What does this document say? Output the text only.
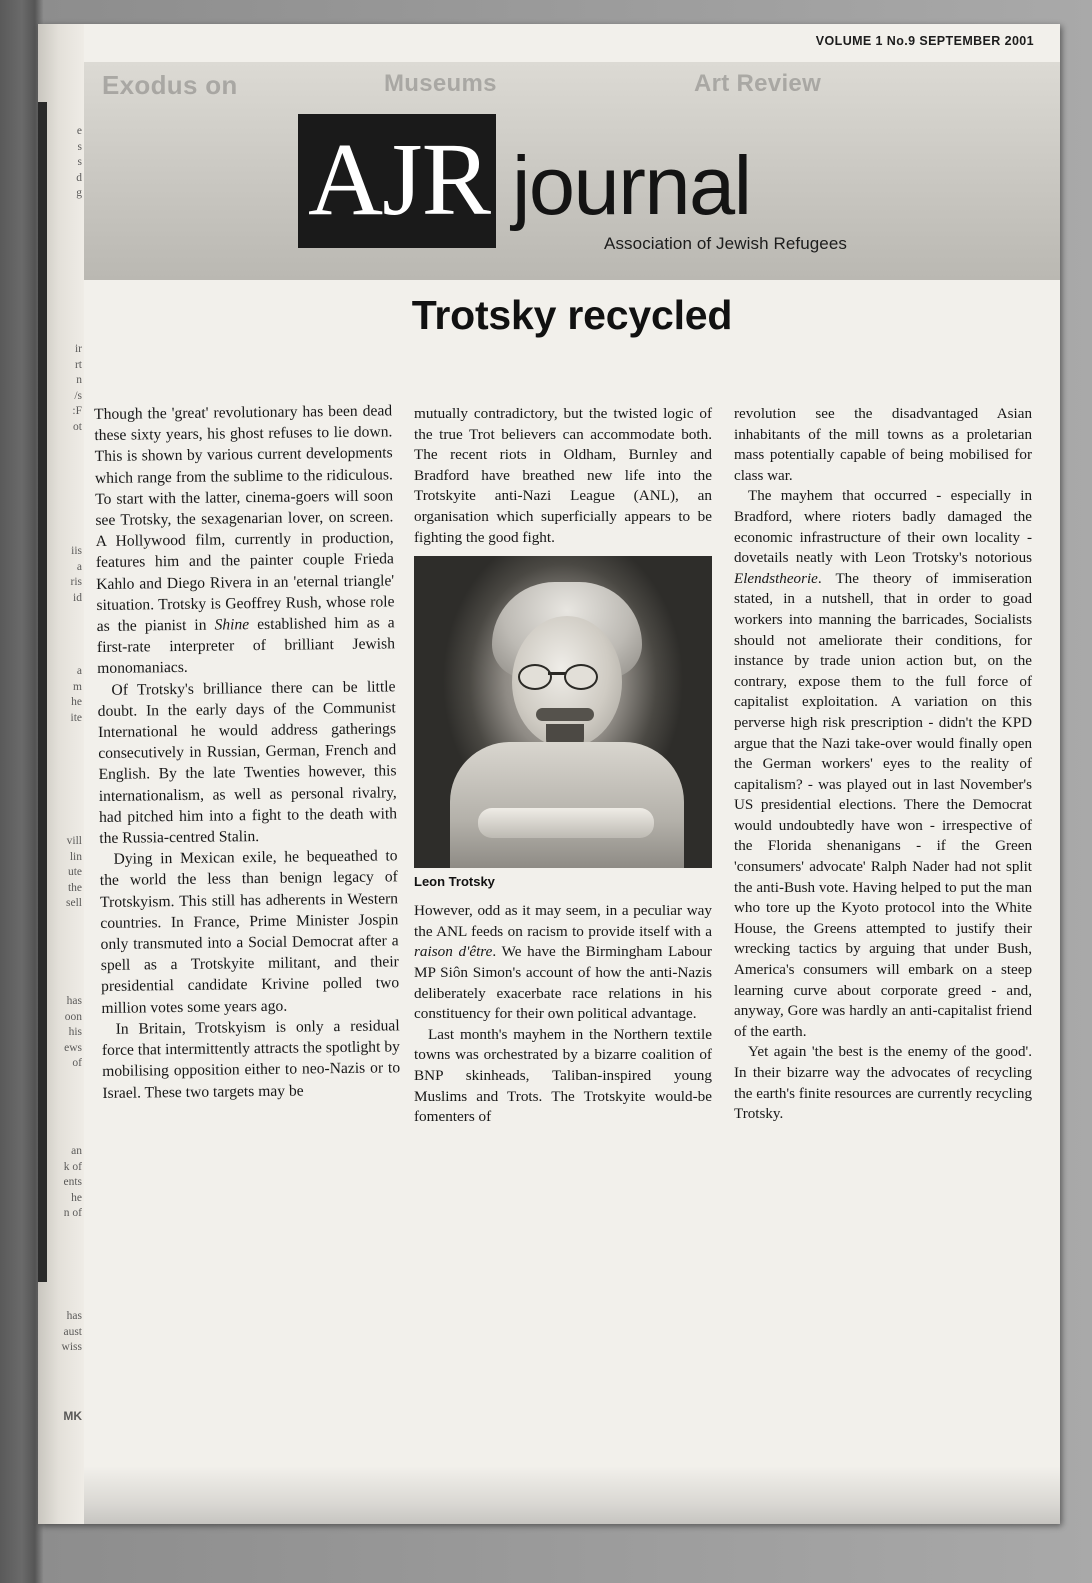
e
s
s
d
g
ir
rt
n
/s
:F
ot
iis
a
ris
id
a
m
he
ite
vill
lin
ute
the
sell
has
oon
his
ews
of
an
k of
ents
he
n of
has
aust
wiss
MK
VOLUME 1 No.9 SEPTEMBER 2001
Exodus on	Museums	Art Review
AJR journal
Association of Jewish Refugees
Trotsky recycled

Though the 'great' revolutionary has been dead these sixty years, his ghost refuses to lie down. This is shown by various current developments which range from the sublime to the ridiculous. To start with the latter, cinema-goers will soon see Trotsky, the sexagenarian lover, on screen. A Hollywood film, currently in production, features him and the painter couple Frieda Kahlo and Diego Rivera in an 'eternal triangle' situation. Trotsky is Geoffrey Rush, whose role as the pianist in Shine established him as a first-rate interpreter of brilliant Jewish monomaniacs.

Of Trotsky's brilliance there can be little doubt. In the early days of the Communist International he would address gatherings consecutively in Russian, German, French and English. By the late Twenties however, this internationalism, as well as personal rivalry, had pitched him into a fight to the death with the Russia-centred Stalin.

Dying in Mexican exile, he bequeathed to the world the less than benign legacy of Trotskyism. This still has adherents in Western countries. In France, Prime Minister Jospin only transmuted into a Social Democrat after a spell as a Trotskyite militant, and their presidential candidate Krivine polled two million votes some years ago.

In Britain, Trotskyism is only a residual force that intermittently attracts the spotlight by mobilising opposition either to neo-Nazis or to Israel. These two targets may be

mutually contradictory, but the twisted logic of the true Trot believers can accommodate both. The recent riots in Oldham, Burnley and Bradford have breathed new life into the Trotskyite anti-Nazi League (ANL), an organisation which superficially appears to be fighting the good fight.

Leon Trotsky

However, odd as it may seem, in a peculiar way the ANL feeds on racism to provide itself with a raison d'être. We have the Birmingham Labour MP Siôn Simon's account of how the anti-Nazis deliberately exacerbate race relations in his constituency for their own political advantage.

Last month's mayhem in the Northern textile towns was orchestrated by a bizarre coalition of BNP skinheads, Taliban-inspired young Muslims and Trots. The Trotskyite would-be fomenters of

revolution see the disadvantaged Asian inhabitants of the mill towns as a proletarian mass potentially capable of being mobilised for class war.

The mayhem that occurred - especially in Bradford, where rioters badly damaged the economic infrastructure of their own locality - dovetails neatly with Leon Trotsky's notorious Elendstheorie. The theory of immiseration stated, in a nutshell, that in order to goad workers into manning the barricades, Socialists should not ameliorate their conditions, for instance by trade union action but, on the contrary, expose them to the full force of capitalist exploitation. A variation on this perverse high risk prescription - didn't the KPD argue that the Nazi take-over would finally open the German workers' eyes to the reality of capitalism? - was played out in last November's US presidential elections. There the Democrat would undoubtedly have won - irrespective of the Florida shenanigans - if the Green 'consumers' advocate' Ralph Nader had not split the anti-Bush vote. Having helped to put the man who tore up the Kyoto protocol into the White House, the Greens attempted to justify their wrecking tactics by arguing that under Bush, America's consumers will embark on a steep learning curve about corporate greed - and, anyway, Gore was hardly an anti-capitalist friend of the earth.

Yet again 'the best is the enemy of the good'. In their bizarre way the advocates of recycling the earth's finite resources are currently recycling Trotsky.
